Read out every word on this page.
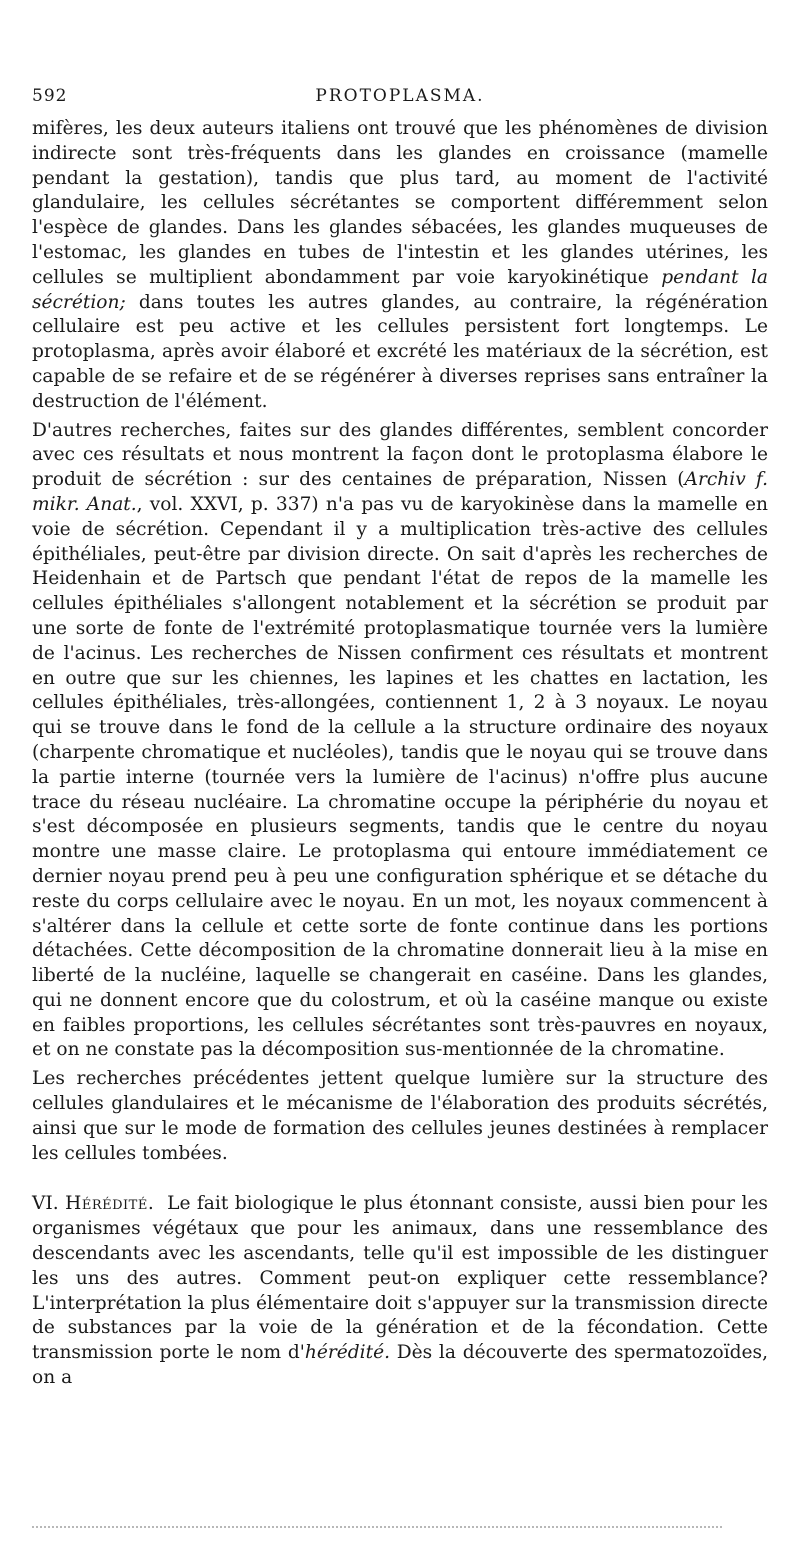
592	PROTOPLASMA.

mifères, les deux auteurs italiens ont trouvé que les phénomènes de division indirecte sont très-fréquents dans les glandes en croissance (mamelle pendant la gestation), tandis que plus tard, au moment de l'activité glandulaire, les cellules sécrétantes se comportent différemment selon l'espèce de glandes. Dans les glandes sébacées, les glandes muqueuses de l'estomac, les glandes en tubes de l'intestin et les glandes utérines, les cellules se multiplient abondamment par voie karyokinétique pendant la sécrétion; dans toutes les autres glandes, au contraire, la régénération cellulaire est peu active et les cellules persistent fort longtemps. Le protoplasma, après avoir élaboré et excrété les matériaux de la sécrétion, est capable de se refaire et de se régénérer à diverses reprises sans entraîner la destruction de l'élément.

D'autres recherches, faites sur des glandes différentes, semblent concorder avec ces résultats et nous montrent la façon dont le protoplasma élabore le produit de sécrétion : sur des centaines de préparation, Nissen (Archiv f. mikr. Anat., vol. XXVI, p. 337) n'a pas vu de karyokinèse dans la mamelle en voie de sécrétion. Cependant il y a multiplication très-active des cellules épithéliales, peut-être par division directe. On sait d'après les recherches de Heidenhain et de Partsch que pendant l'état de repos de la mamelle les cellules épithéliales s'allongent notablement et la sécrétion se produit par une sorte de fonte de l'extrémité protoplasmatique tournée vers la lumière de l'acinus. Les recherches de Nissen confirment ces résultats et montrent en outre que sur les chiennes, les lapines et les chattes en lactation, les cellules épithéliales, très-allongées, contiennent 1, 2 à 3 noyaux. Le noyau qui se trouve dans le fond de la cellule a la structure ordinaire des noyaux (charpente chromatique et nucléoles), tandis que le noyau qui se trouve dans la partie interne (tournée vers la lumière de l'acinus) n'offre plus aucune trace du réseau nucléaire. La chromatine occupe la périphérie du noyau et s'est décomposée en plusieurs segments, tandis que le centre du noyau montre une masse claire. Le protoplasma qui entoure immédiatement ce dernier noyau prend peu à peu une configuration sphérique et se détache du reste du corps cellulaire avec le noyau. En un mot, les noyaux commencent à s'altérer dans la cellule et cette sorte de fonte continue dans les portions détachées. Cette décomposition de la chromatine donnerait lieu à la mise en liberté de la nucléine, laquelle se changerait en caséine. Dans les glandes, qui ne donnent encore que du colostrum, et où la caséine manque ou existe en faibles proportions, les cellules sécrétantes sont très-pauvres en noyaux, et on ne constate pas la décomposition sus-mentionnée de la chromatine.

Les recherches précédentes jettent quelque lumière sur la structure des cellules glandulaires et le mécanisme de l'élaboration des produits sécrétés, ainsi que sur le mode de formation des cellules jeunes destinées à remplacer les cellules tombées.

VI. Hérédité. Le fait biologique le plus étonnant consiste, aussi bien pour les organismes végétaux que pour les animaux, dans une ressemblance des descendants avec les ascendants, telle qu'il est impossible de les distinguer les uns des autres. Comment peut-on expliquer cette ressemblance? L'interprétation la plus élémentaire doit s'appuyer sur la transmission directe de substances par la voie de la génération et de la fécondation. Cette transmission porte le nom d'hérédité. Dès la découverte des spermatozoïdes, on a
